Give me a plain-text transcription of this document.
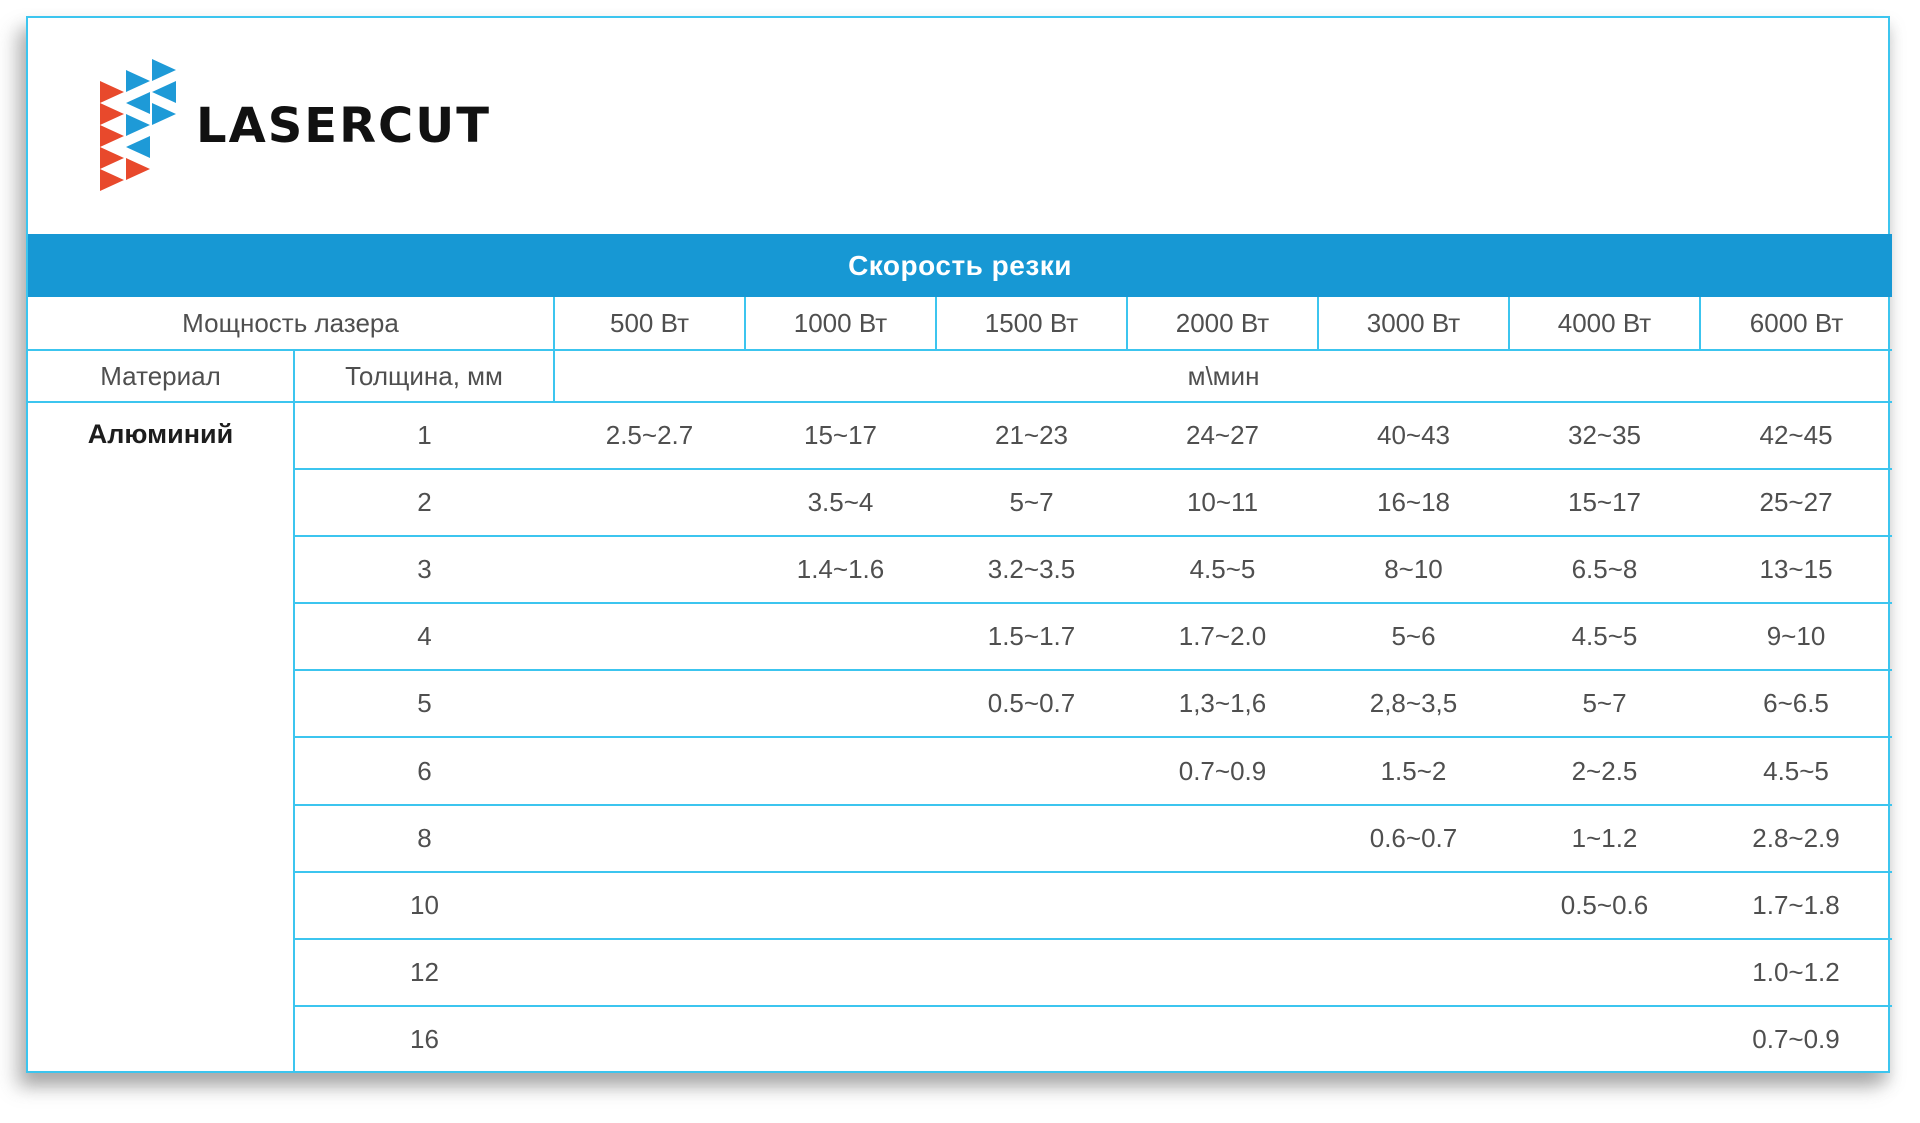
LASERCUT
Скорость резки								
Мощность лазера		500 Вт	1000 Вт	1500 Вт	2000 Вт	3000 Вт	4000 Вт	6000 Вт
Материал	Толщина, мм	м\мин						
Алюминий	1	2.5~2.7	15~17	21~23	24~27	40~43	32~35	42~45
	2		3.5~4	5~7	10~11	16~18	15~17	25~27
	3		1.4~1.6	3.2~3.5	4.5~5	8~10	6.5~8	13~15
	4			1.5~1.7	1.7~2.0	5~6	4.5~5	9~10
	5			0.5~0.7	1,3~1,6	2,8~3,5	5~7	6~6.5
	6				0.7~0.9	1.5~2	2~2.5	4.5~5
	8					0.6~0.7	1~1.2	2.8~2.9
	10						0.5~0.6	1.7~1.8
	12							1.0~1.2
	16							0.7~0.9
